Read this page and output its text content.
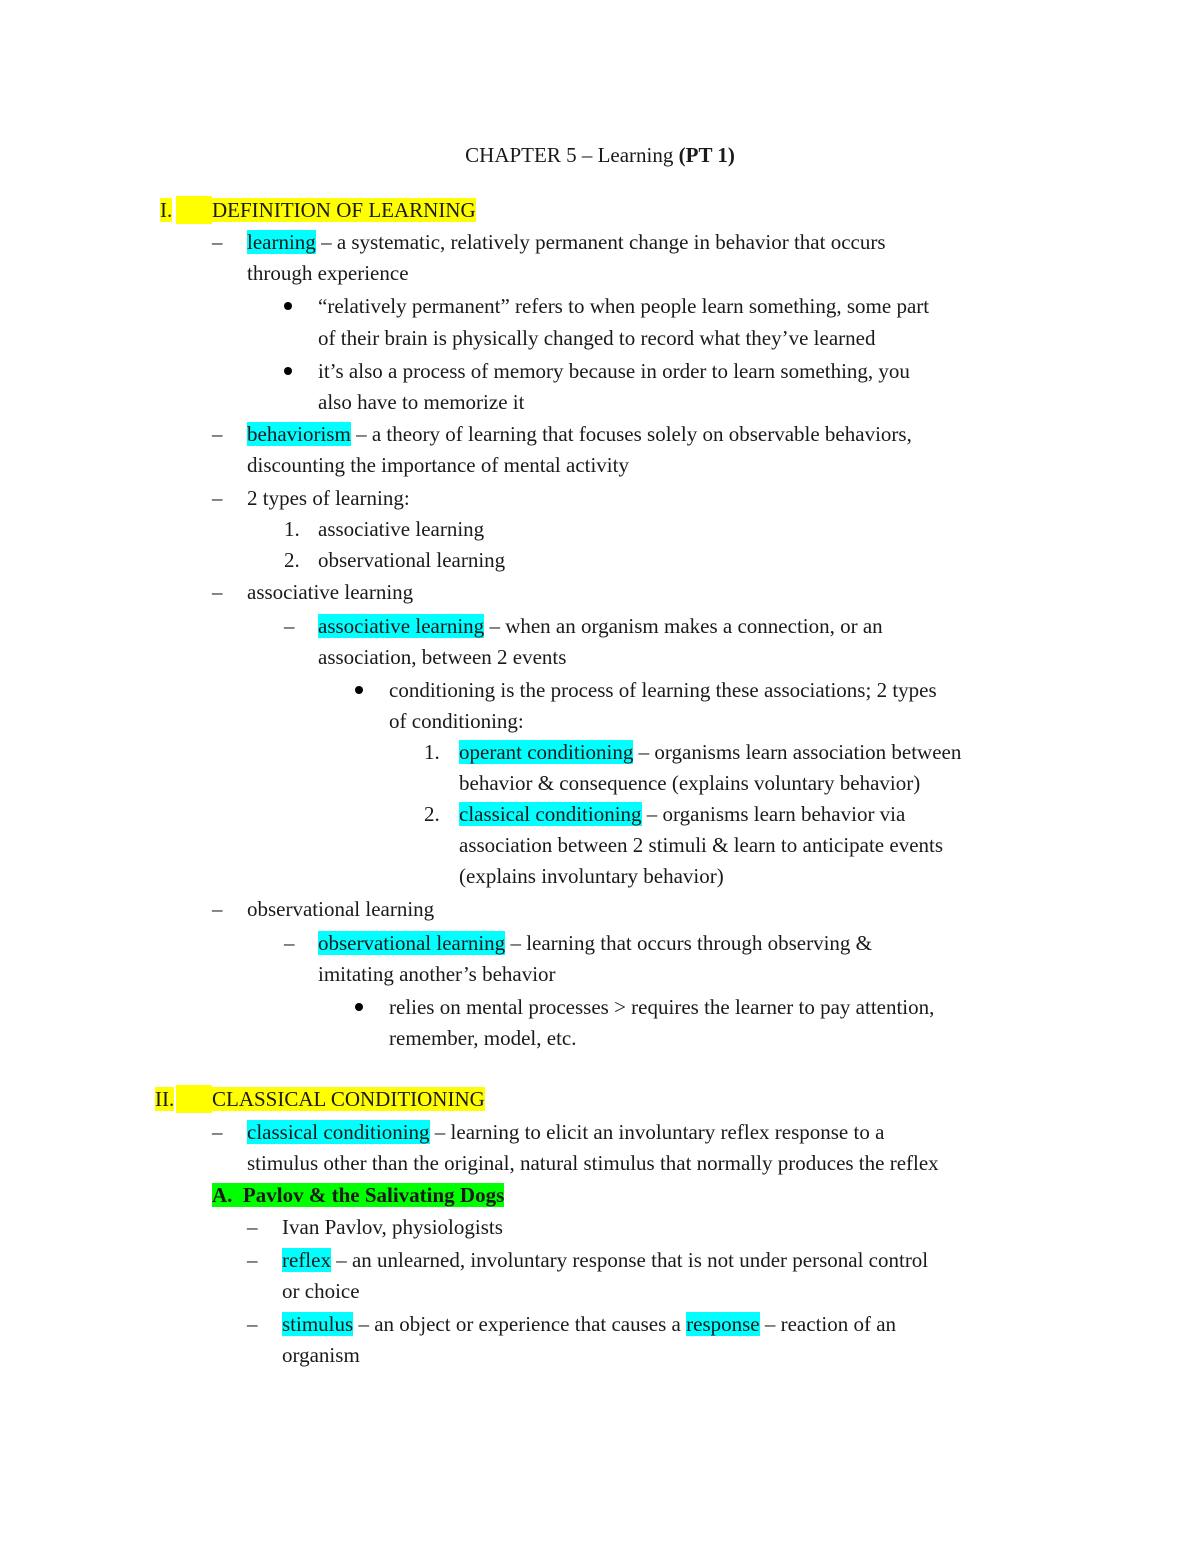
CHAPTER 5 – Learning (PT 1)
I. DEFINITION OF LEARNING
– learning – a systematic, relatively permanent change in behavior that occurs
through experience
“relatively permanent” refers to when people learn something, some part
of their brain is physically changed to record what they’ve learned
it’s also a process of memory because in order to learn something, you
also have to memorize it
– behaviorism – a theory of learning that focuses solely on observable behaviors,
discounting the importance of mental activity
– 2 types of learning:
1. associative learning
2. observational learning
– associative learning
– associative learning – when an organism makes a connection, or an
association, between 2 events
conditioning is the process of learning these associations; 2 types
of conditioning:
1. operant conditioning – organisms learn association between
behavior & consequence (explains voluntary behavior)
2. classical conditioning – organisms learn behavior via
association between 2 stimuli & learn to anticipate events
(explains involuntary behavior)
– observational learning
– observational learning – learning that occurs through observing &
imitating another’s behavior
relies on mental processes > requires the learner to pay attention,
remember, model, etc.
II. CLASSICAL CONDITIONING
– classical conditioning – learning to elicit an involuntary reflex response to a
stimulus other than the original, natural stimulus that normally produces the reflex
A.  Pavlov & the Salivating Dogs
– Ivan Pavlov, physiologists
– reflex – an unlearned, involuntary response that is not under personal control
or choice
– stimulus – an object or experience that causes a response – reaction of an
organism
